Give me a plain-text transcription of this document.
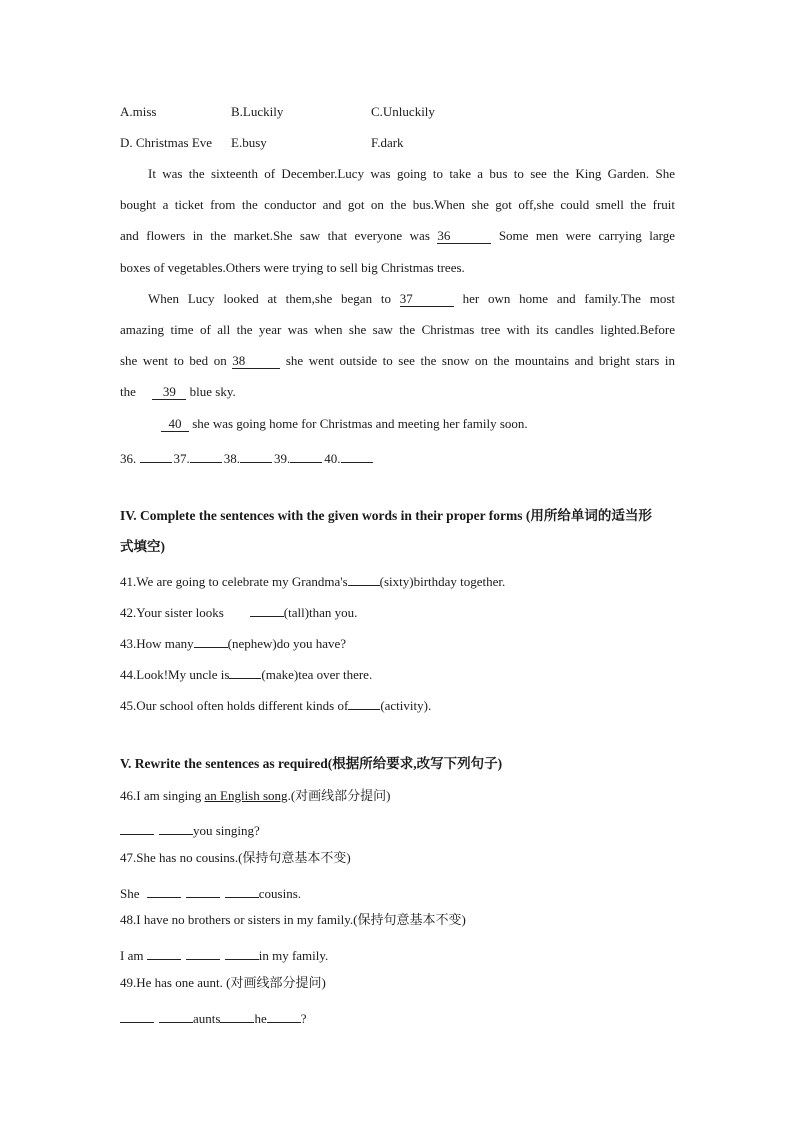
A.miss	B.Luckily	C.Unluckily
D. Christmas Eve E.busy	F.dark
It was the sixteenth of December.Lucy was going to take a bus to see the King Garden. She
bought a ticket from the conductor and got on the bus.When she got off,she could smell the fruit
and flowers in the market.She saw that everyone was 36	Some men were carrying large
boxes of vegetables.Others were trying to sell big Christmas trees.
When Lucy looked at them,she began to 37	her own home and family.The most
amazing time of all the year was when she saw the Christmas tree with its candles lighted.Before
she went to bed on 38	she went outside to see the snow on the mountains and bright stars in
the 39 blue sky.
40 she was going home for Christmas and meeting her family soon.
36.	37.	38.	39.	40.
IV. Complete the sentences with the given words in their proper forms (用所给单词的适当形
式填空)
41.We are going to celebrate my Grandma's (sixty)birthday together.
42.Your sister looks	(tall)than you.
43.How many	(nephew)do you have?
44.Look!My uncle is (make)tea over there.
45.Our school often holds different kinds of (activity).
V. Rewrite the sentences as required(根据所给要求,改写下列句子)
46.I am singing an English song.(对画线部分提问)
you singing?
47.She has no cousins.(保持句意基本不变)
She	cousins.
48.I have no brothers or sisters in my family.(保持句意基本不变)
I am	in my family.
49.He has one aunt. (对画线部分提问)
aunts	he	?
